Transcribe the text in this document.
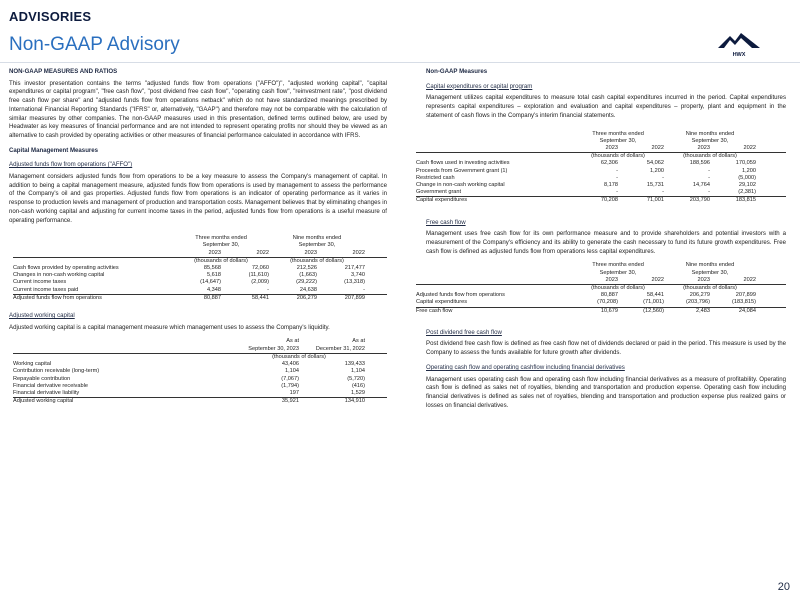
ADVISORIES
Non-GAAP Advisory	HWX
NON-GAAP MEASURES AND RATIOS

This investor presentation contains the terms "adjusted funds flow from operations ("AFFO")", "adjusted working capital", "capital expenditures or capital program", "free cash flow", "post dividend free cash flow", "operating cash flow", "reinvestment rate", "post dividend free cash flow per share" and "adjusted funds flow from operations netback" which do not have standardized meanings prescribed by International Financial Reporting Standards ("IFRS" or, alternatively, "GAAP") and therefore may not be comparable with the calculation of similar measures by other companies. The non-GAAP measures used in this presentation, defined terms outlined below, are used by Headwater as key measures of financial performance and are not intended to represent operating profits nor should they be viewed as an alternative to cash provided by operating activities or other measures of financial performance calculated in accordance with IFRS.

Capital Management Measures
Adjusted funds flow from operations ("AFFO")

Management considers adjusted funds flow from operations to be a key measure to assess the Company's management of capital. In addition to being a capital management measure, adjusted funds flow from operations is used by management to assess the performance of the Company's oil and gas properties. Adjusted funds flow from operations is an indicator of operating performance as it varies in response to production levels and management of production and transportation costs. Management believes that by eliminating changes in non-cash working capital and adjusting for current income taxes in the period, adjusted funds flow from operations is a useful measure of operating performance.

Three months ended	Nine months ended
September 30,	September 30,
2023	2022	2023	2022
(thousands of dollars)	(thousands of dollars)
Cash flows provided by operating activities	85,568	72,060	212,526	217,477
Changes in non-cash working capital	5,618	(11,610)	(1,663)	3,740
Current income taxes	(14,647)	(2,009)	(29,222)	(13,318)
Current income taxes paid	4,348	-	24,638	-
Adjusted funds flow from operations	80,887	58,441	206,279	207,899
Adjusted working capital

Adjusted working capital is a capital management measure which management uses to assess the Company's liquidity.

As at	As at
September 30, 2023	December 31, 2022
(thousands of dollars)
Working capital	43,406	139,433
Contribution receivable (long-term)	1,104	1,104
Repayable contribution	(7,067)	(5,720)
Financial derivative receivable	(1,794)	(416)
Financial derivative liability	197	1,529
Adjusted working capital	35,921	134,910
Non-GAAP Measures
Capital expenditures or capital program

Management utilizes capital expenditures to measure total cash capital expenditures incurred in the period. Capital expenditures represents capital expenditures – exploration and evaluation and capital expenditures – property, plant and equipment in the statement of cash flows in the Company's interim financial statements.

Three months ended	Nine months ended
September 30,	September 30,
2023	2022	2023	2022
(thousands of dollars)	(thousands of dollars)
Cash flows used in investing activities	62,306	54,062	188,596	170,059
Proceeds from Government grant (1)	-	1,200	-	1,200
Restricted cash	-	-	-	(5,000)
Change in non-cash working capital	8,178	15,731	14,764	29,102
Government grant	-	-	-	(2,381)
Capital expenditures	70,208	71,001	203,790	183,815
Free cash flow

Management uses free cash flow for its own performance measure and to provide shareholders and potential investors with a measurement of the Company's efficiency and its ability to generate the cash necessary to fund its future growth expenditures. Free cash flow is defined as adjusted funds flow from operations less capital expenditures.

Three months ended	Nine months ended
September 30,	September 30,
2023	2022	2023	2022
(thousands of dollars)	(thousands of dollars)
Adjusted funds flow from operations	80,887	58,441	206,279	207,899
Capital expenditures	(70,208)	(71,001)	(203,796)	(183,815)
Free cash flow	10,679	(12,560)	2,483	24,084
Post dividend free cash flow

Post dividend free cash flow is defined as free cash flow net of dividends declared or paid in the period. This measure is used by the Company to assess the funds available for future growth after dividends.

Operating cash flow and operating cashflow including financial derivatives

Management uses operating cash flow and operating cash flow including financial derivatives as a measure of profitability. Operating cash flow is defined as sales net of royalties, blending and transportation and production expense. Operating cash flow including financial derivatives is defined as sales net of royalties, blending and transportation and production expense plus realized gains or losses on financial derivatives.

20
